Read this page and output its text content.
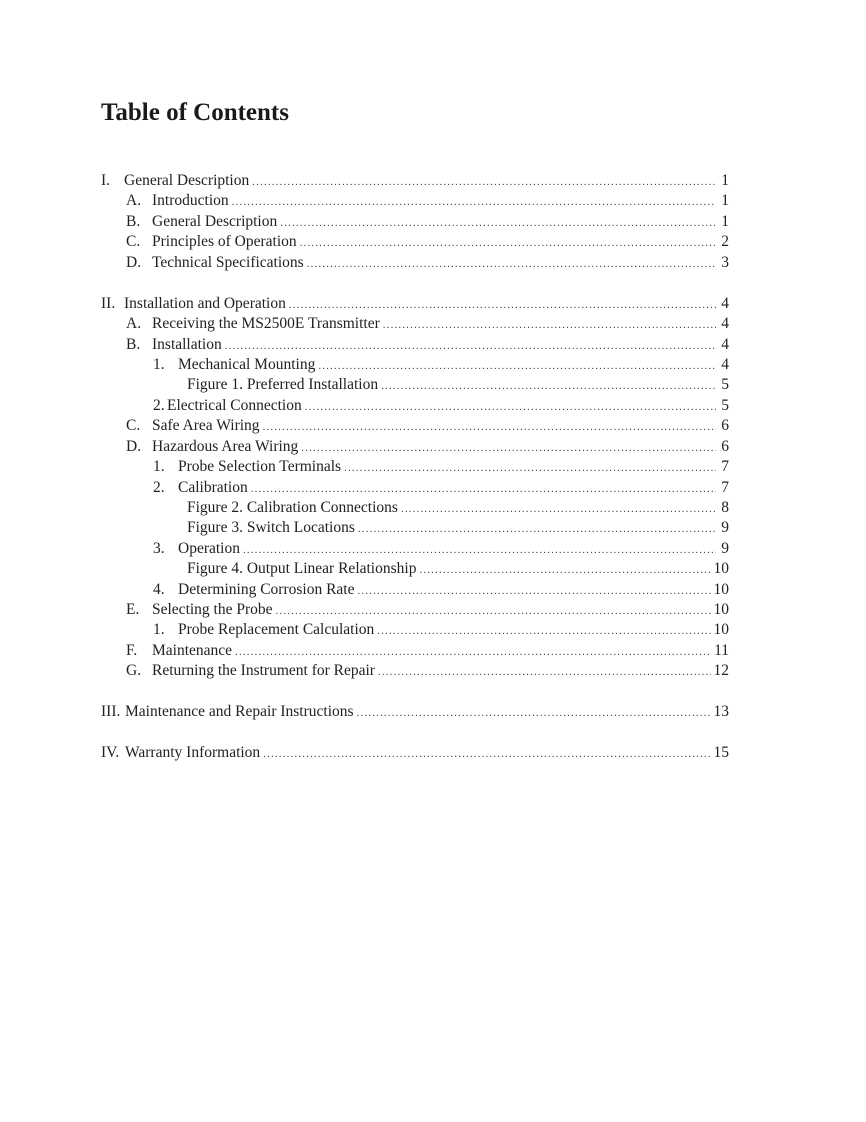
Table of Contents
I. General Description . . .	1
A. Introduction . . .	1
B. General Description . . .	1
C. Principles of Operation . . .	2
D. Technical Specifications . . .	3
II. Installation and Operation . . .	4
A. Receiving the MS2500E Transmitter . . .	4
B. Installation . . .	4
1. Mechanical Mounting . . .	4
Figure 1. Preferred Installation . . .	5
2. Electrical Connection . . .	5
C. Safe Area Wiring . . .	6
D. Hazardous Area Wiring . . .	6
1. Probe Selection Terminals . . .	7
2. Calibration . . .	7
Figure 2. Calibration Connections . . .	8
Figure 3. Switch Locations . . .	9
3. Operation . . .	9
Figure 4. Output Linear Relationship . . .	10
4. Determining Corrosion Rate . . .	10
E. Selecting the Probe . . .	10
1. Probe Replacement Calculation . . .	10
F. Maintenance . . .	11
G. Returning the Instrument for Repair . . .	12
III. Maintenance and Repair Instructions . . .	13
IV. Warranty Information . . .	15
